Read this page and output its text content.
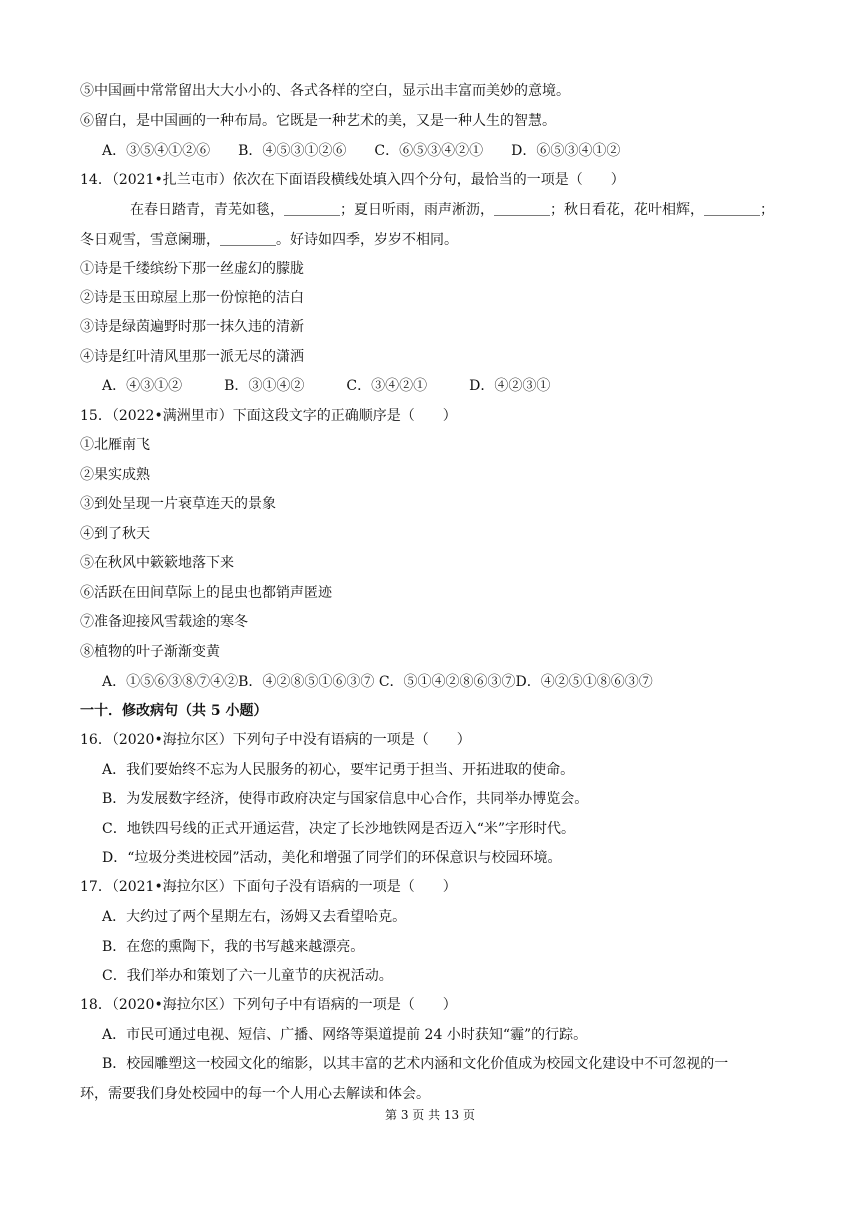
⑤中国画中常常留出大大小小的、各式各样的空白，显示出丰富而美妙的意境。
⑥留白，是中国画的一种布局。它既是一种艺术的美，又是一种人生的智慧。
A．③⑤④①②⑥　　B．④⑤③①②⑥　　C．⑥⑤③④②①　　D．⑥⑤③④①②
14．（2021•扎兰屯市）依次在下面语段横线处填入四个分句，最恰当的一项是（　　）
在春日踏青，青芜如毯，＿＿＿＿；夏日听雨，雨声淅沥，＿＿＿＿；秋日看花，花叶相辉，＿＿＿＿；
冬日观雪，雪意阑珊，＿＿＿＿。好诗如四季，岁岁不相同。
①诗是千缕缤纷下那一丝虚幻的朦胧
②诗是玉田琼屋上那一份惊艳的洁白
③诗是绿茵遍野时那一抹久违的清新
④诗是红叶清风里那一派无尽的潇洒
A．④③①②　　　B．③①④②　　　C．③④②①　　　D．④②③①
15．（2022•满洲里市）下面这段文字的正确顺序是（　　）
①北雁南飞
②果实成熟
③到处呈现一片衰草连天的景象
④到了秋天
⑤在秋风中簌簌地落下来
⑥活跃在田间草际上的昆虫也都销声匿迹
⑦准备迎接风雪载途的寒冬
⑧植物的叶子渐渐变黄
A．①⑤⑥③⑧⑦④②B．④②⑧⑤①⑥③⑦ C．⑤①④②⑧⑥③⑦D．④②⑤①⑧⑥③⑦
一十．修改病句（共 5 小题）
16．（2020•海拉尔区）下列句子中没有语病的一项是（　　）
A．我们要始终不忘为人民服务的初心，要牢记勇于担当、开拓进取的使命。
B．为发展数字经济，使得市政府决定与国家信息中心合作，共同举办博览会。
C．地铁四号线的正式开通运营，决定了长沙地铁网是否迈入“米”字形时代。
D．“垃圾分类进校园”活动，美化和增强了同学们的环保意识与校园环境。
17．（2021•海拉尔区）下面句子没有语病的一项是（　　）
A．大约过了两个星期左右，汤姆又去看望哈克。
B．在您的熏陶下，我的书写越来越漂亮。
C．我们举办和策划了六一儿童节的庆祝活动。
18．（2020•海拉尔区）下列句子中有语病的一项是（　　）
A．市民可通过电视、短信、广播、网络等渠道提前 24 小时获知“霾”的行踪。
B．校园雕塑这一校园文化的缩影，以其丰富的艺术内涵和文化价值成为校园文化建设中不可忽视的一
环，需要我们身处校园中的每一个人用心去解读和体会。
第 3 页 共 13 页
